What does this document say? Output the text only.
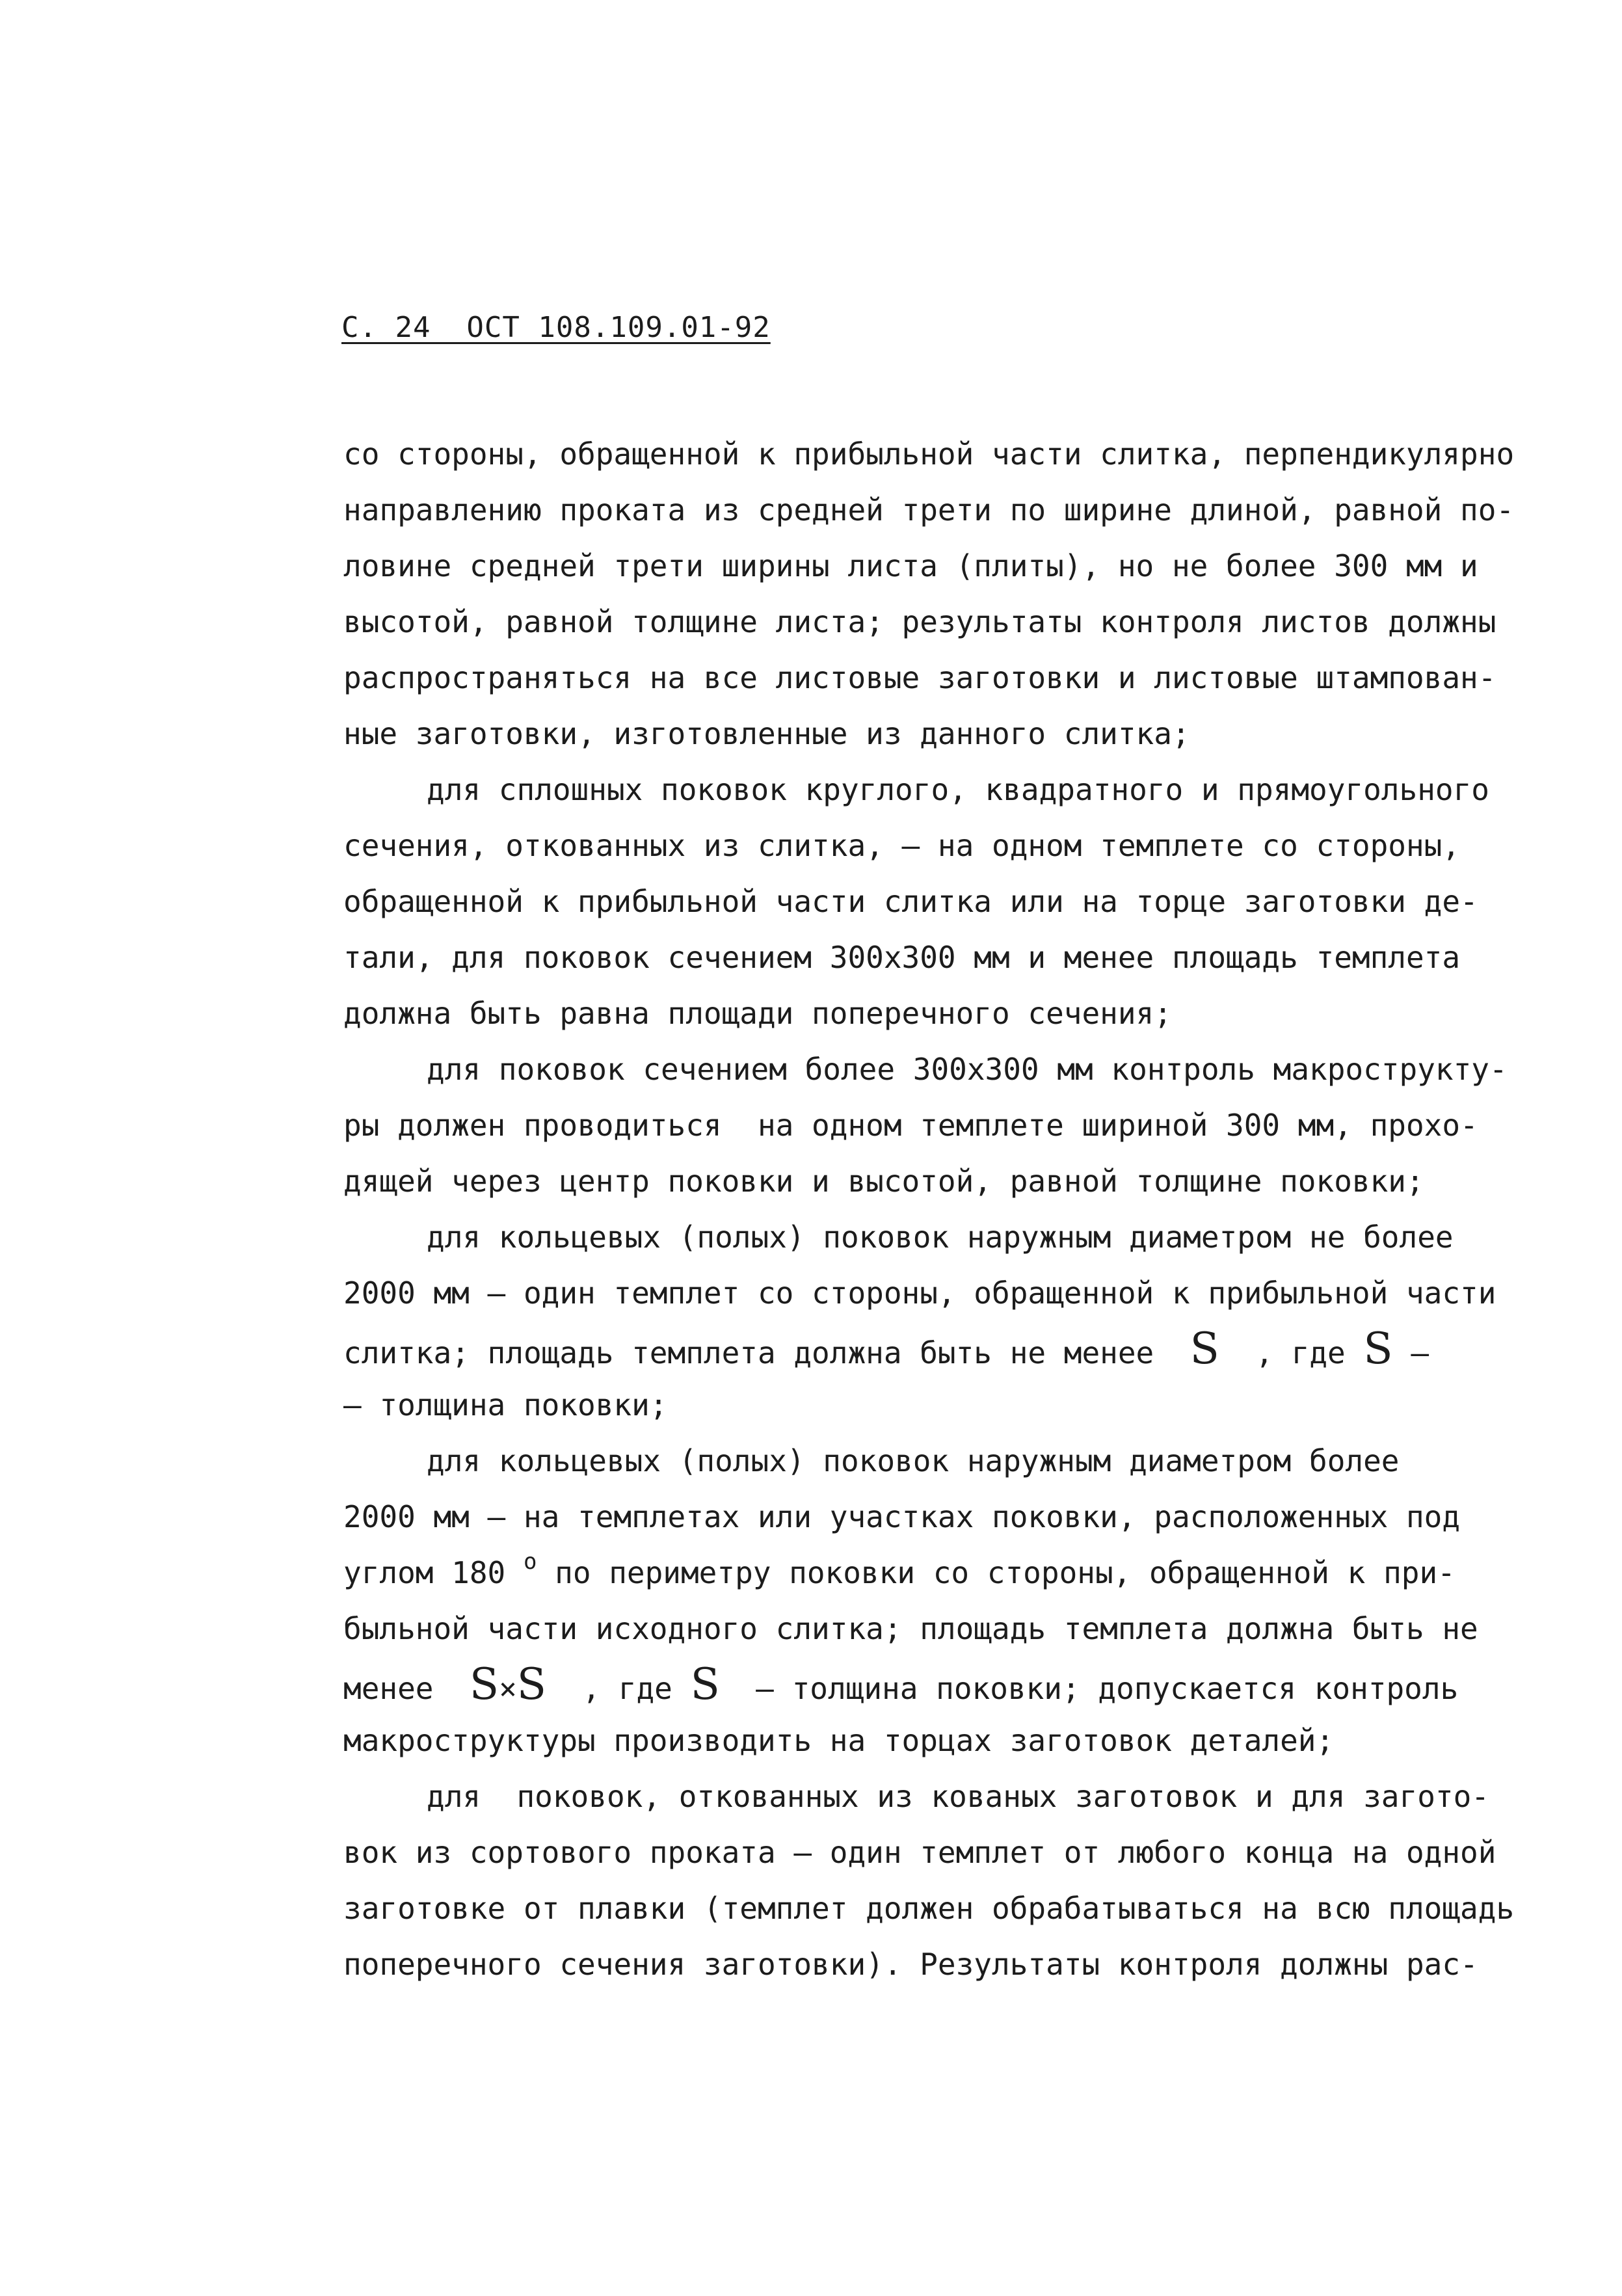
С. 24  ОСТ 108.109.01-92
со стороны, обращенной к прибыльной части слитка, перпендикулярно
направлению проката из средней трети по ширине длиной, равной по-
ловине средней трети ширины листа (плиты), но не более 300 мм и
высотой, равной толщине листа; результаты контроля листов должны
распространяться на все листовые заготовки и листовые штампован-
ные заготовки, изготовленные из данного слитка;
для сплошных поковок круглого, квадратного и прямоугольного
сечения, откованных из слитка, – на одном темплете со стороны,
обращенной к прибыльной части слитка или на торце заготовки де-
тали, для поковок сечением 300х300 мм и менее площадь темплета
должна быть равна площади поперечного сечения;
для поковок сечением более 300х300 мм контроль макрострукту-
ры должен проводиться  на одном темплете шириной 300 мм, прохо-
дящей через центр поковки и высотой, равной толщине поковки;
для кольцевых (полых) поковок наружным диаметром не более
2000 мм – один темплет со стороны, обращенной к прибыльной части
слитка; площадь темплета должна быть не менее  S  , где S –
– толщина поковки;
для кольцевых (полых) поковок наружным диаметром более
2000 мм – на темплетах или участках поковки, расположенных под
углом 180 $^о$ по периметру поковки со стороны, обращенной к при-
быльной части исходного слитка; площадь темплета должна быть не
менее  S×S  , где S  – толщина поковки; допускается контроль
макроструктуры производить на торцах заготовок деталей;
для  поковок, откованных из кованых заготовок и для загото-
вок из сортового проката – один темплет от любого конца на одной
заготовке от плавки (темплет должен обрабатываться на всю площадь
поперечного сечения заготовки). Результаты контроля должны рас-
